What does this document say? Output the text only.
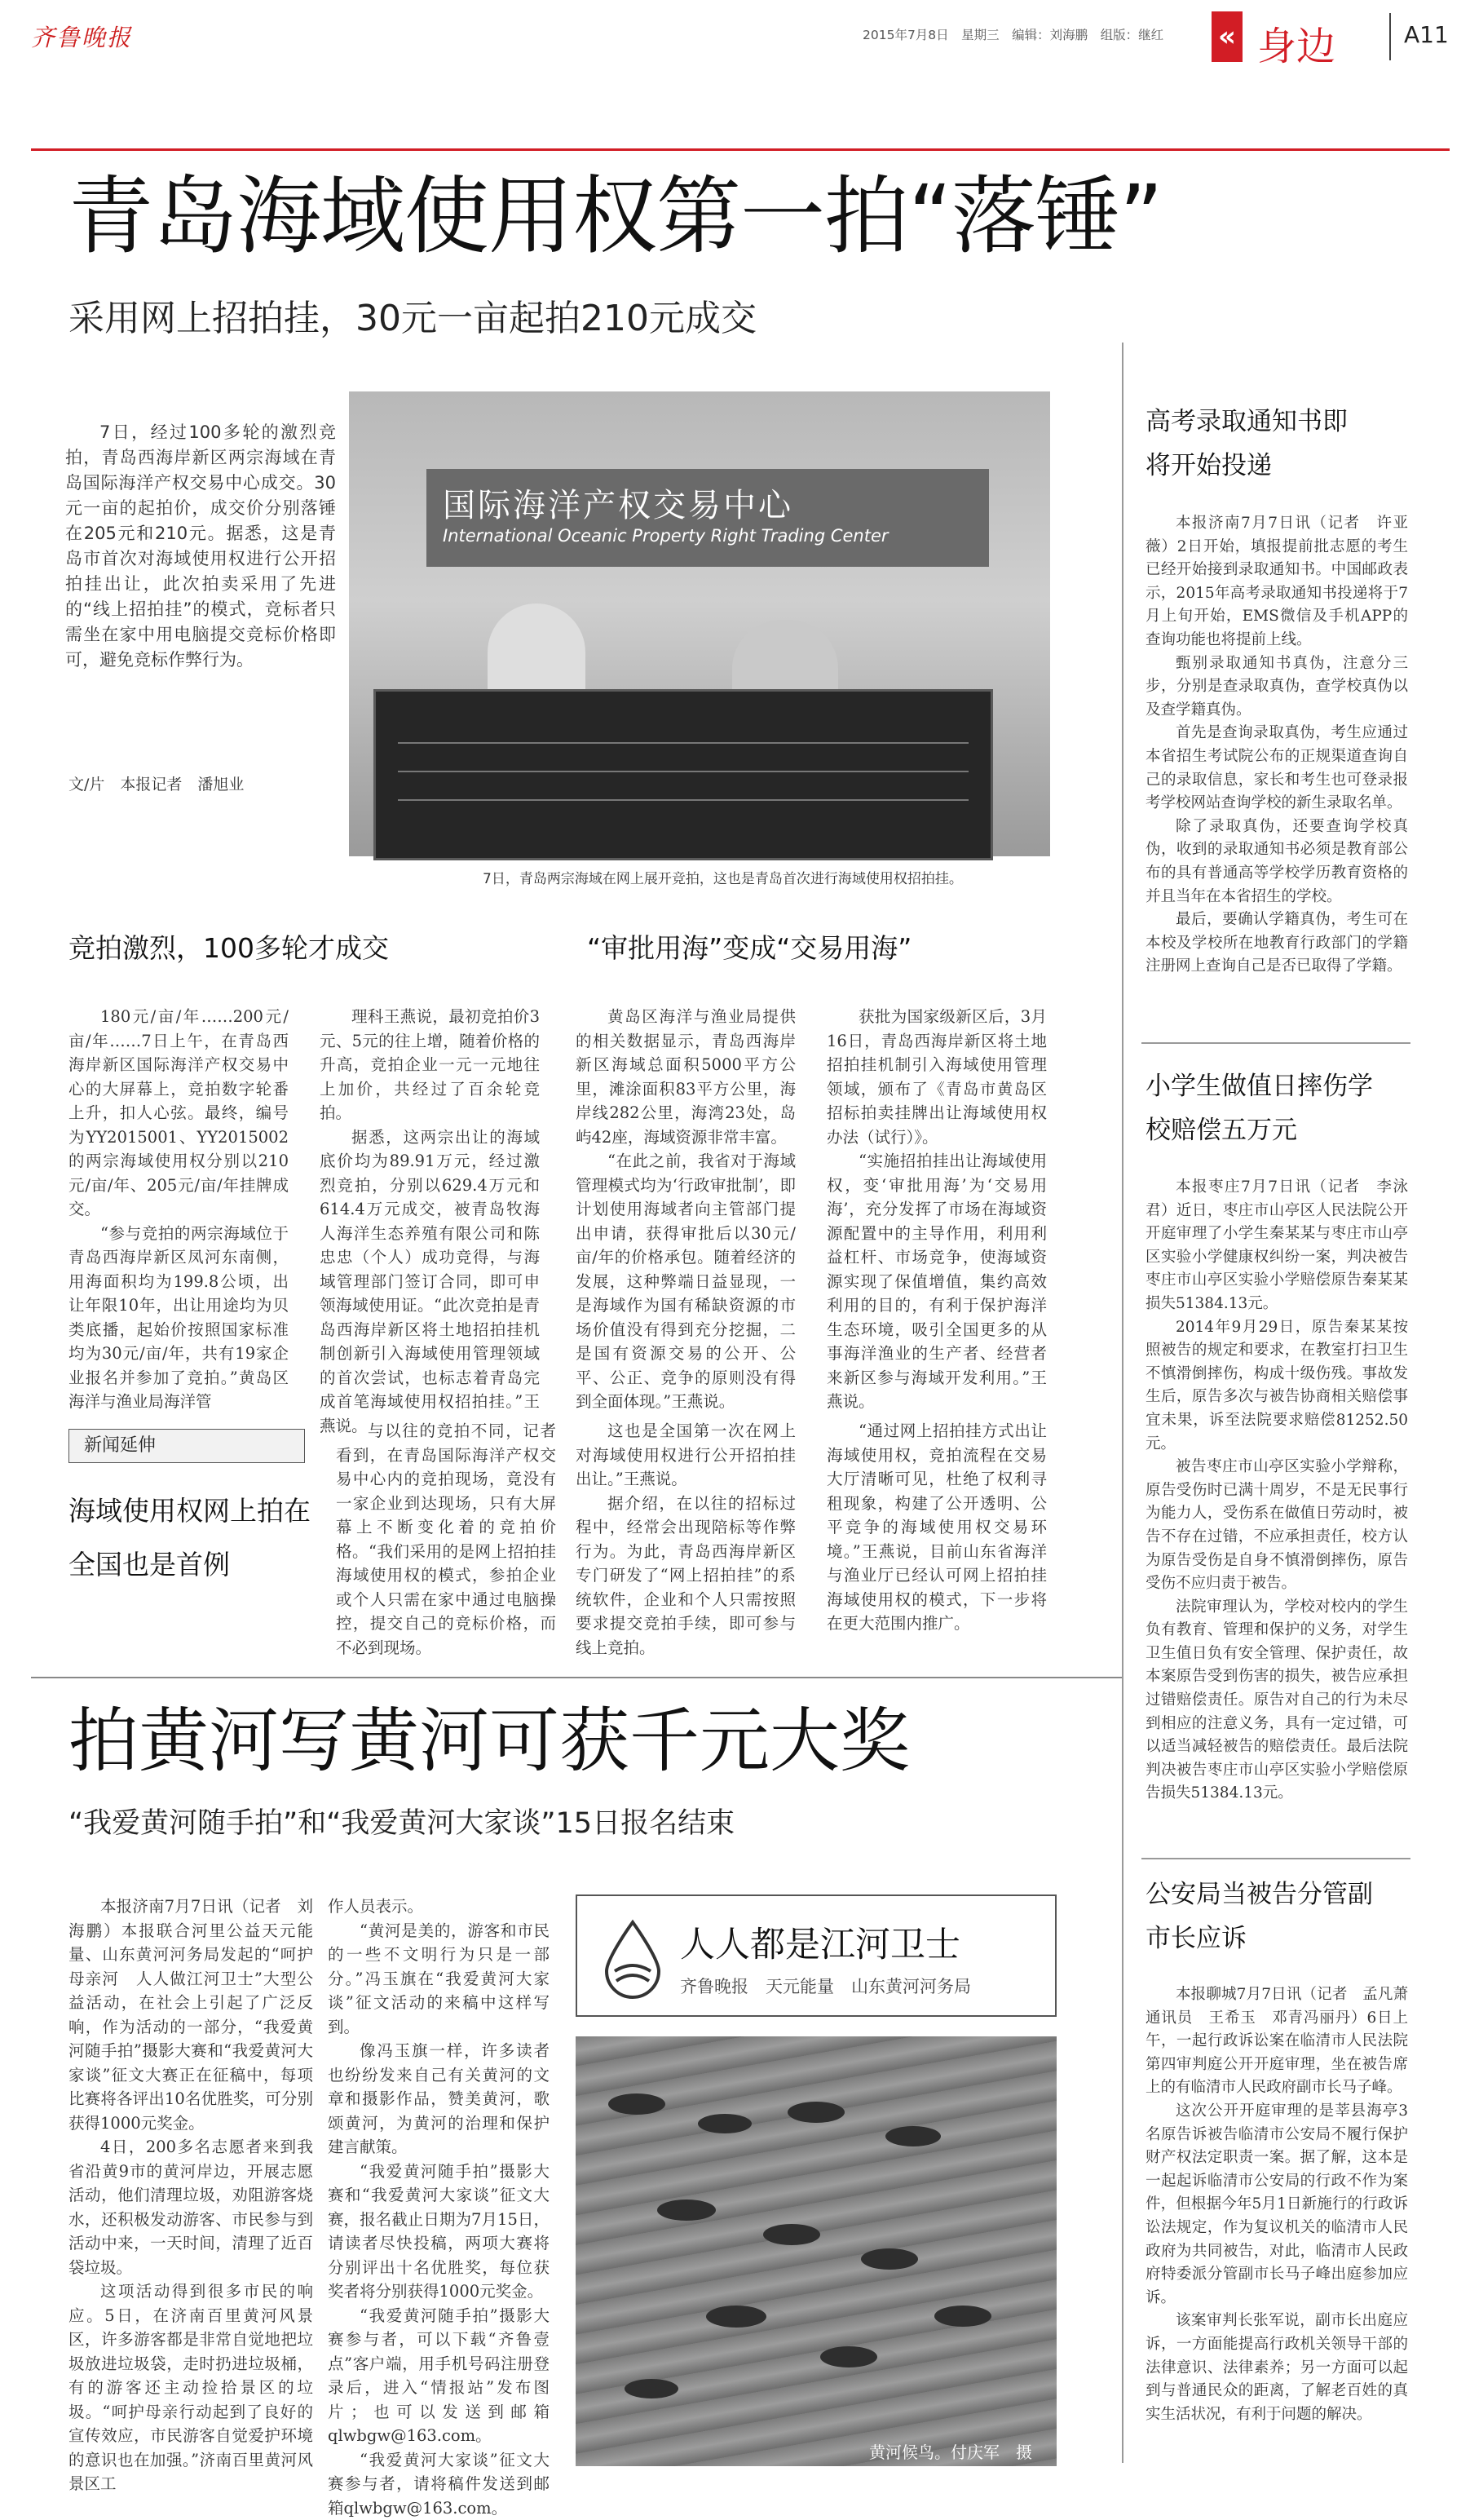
齐鲁晚报	2015年7月8日　星期三　编辑：刘海鹏　组版：继红 « 身边	A11
青岛海域使用权第一拍“落锤”
采用网上招拍挂，30元一亩起拍210元成交

7日，经过100多轮的激烈竞拍，青岛西海岸新区两宗海域在青岛国际海洋产权交易中心成交。30元一亩的起拍价，成交价分别落锤在205元和210元。据悉，这是青岛市首次对海域使用权进行公开招拍挂出让，此次拍卖采用了先进的“线上招拍挂”的模式，竞标者只需坐在家中用电脑提交竞标价格即可，避免竞标作弊行为。

文/片　本报记者　潘旭业
国际海洋产权交易中心
International Oceanic Property Right Trading Center
7日，青岛两宗海域在网上展开竞拍，这也是青岛首次进行海域使用权招拍挂。
竞拍激烈，100多轮才成交

180元/亩/年……200元/亩/年……7日上午，在青岛西海岸新区国际海洋产权交易中心的大屏幕上，竞拍数字轮番上升，扣人心弦。最终，编号为YY2015001、YY2015002的两宗海域使用权分别以210元/亩/年、205元/亩/年挂牌成交。

“参与竞拍的两宗海域位于青岛西海岸新区凤河东南侧，用海面积均为199.8公顷，出让年限10年，出让用途均为贝类底播，起始价按照国家标准均为30元/亩/年，共有19家企业报名并参加了竞拍。”黄岛区海洋与渔业局海洋管

理科王燕说，最初竞拍价3元、5元的往上增，随着价格的升高，竞拍企业一元一元地往上加价，共经过了百余轮竞拍。

据悉，这两宗出让的海域底价均为89.91万元，经过激烈竞拍，分别以629.4万元和614.4万元成交，被青岛牧海人海洋生态养殖有限公司和陈忠忠（个人）成功竞得，与海域管理部门签订合同，即可申领海域使用证。“此次竞拍是青岛西海岸新区将土地招拍挂机制创新引入海域使用管理领域的首次尝试，也标志着青岛完成首笔海域使用权招拍挂。”王燕说。

“审批用海”变成“交易用海”

黄岛区海洋与渔业局提供的相关数据显示，青岛西海岸新区海域总面积5000平方公里，滩涂面积83平方公里，海岸线282公里，海湾23处，岛屿42座，海域资源非常丰富。

“在此之前，我省对于海域管理模式均为‘行政审批制’，即计划使用海域者向主管部门提出申请，获得审批后以30元/亩/年的价格承包。随着经济的发展，这种弊端日益显现，一是海域作为国有稀缺资源的市场价值没有得到充分挖掘，二是国有资源交易的公开、公平、公正、竞争的原则没有得到全面体现。”王燕说。

获批为国家级新区后，3月16日，青岛西海岸新区将土地招拍挂机制引入海域使用管理领域，颁布了《青岛市黄岛区招标拍卖挂牌出让海域使用权办法（试行）》。

“实施招拍挂出让海域使用权，变‘审批用海’为‘交易用海’，充分发挥了市场在海域资源配置中的主导作用，利用利益杠杆、市场竞争，使海域资源实现了保值增值，集约高效利用的目的，有利于保护海洋生态环境，吸引全国更多的从事海洋渔业的生产者、经营者来新区参与海域开发利用。”王燕说。

新闻延伸
海域使用权网上拍在全国也是首例

与以往的竞拍不同，记者看到，在青岛国际海洋产权交易中心内的竞拍现场，竟没有一家企业到达现场，只有大屏幕上不断变化着的竞拍价格。“我们采用的是网上招拍挂海域使用权的模式，参拍企业或个人只需在家中通过电脑操控，提交自己的竞标价格，而不必到现场。

这也是全国第一次在网上对海域使用权进行公开招拍挂出让。”王燕说。

据介绍，在以往的招标过程中，经常会出现陪标等作弊行为。为此，青岛西海岸新区专门研发了“网上招拍挂”的系统软件，企业和个人只需按照要求提交竞拍手续，即可参与线上竞拍。

“通过网上招拍挂方式出让海域使用权，竞拍流程在交易大厅清晰可见，杜绝了权利寻租现象，构建了公开透明、公平竞争的海域使用权交易环境。”王燕说，目前山东省海洋与渔业厅已经认可网上招拍挂海域使用权的模式，下一步将在更大范围内推广。

拍黄河写黄河可获千元大奖
“我爱黄河随手拍”和“我爱黄河大家谈”15日报名结束

本报济南7月7日讯（记者　刘海鹏）本报联合河里公益天元能量、山东黄河河务局发起的“呵护母亲河　人人做江河卫士”大型公益活动，在社会上引起了广泛反响，作为活动的一部分，“我爱黄河随手拍”摄影大赛和“我爱黄河大家谈”征文大赛正在征稿中，每项比赛将各评出10名优胜奖，可分别获得1000元奖金。

4日，200多名志愿者来到我省沿黄9市的黄河岸边，开展志愿活动，他们清理垃圾，劝阻游客烧水，还积极发动游客、市民参与到活动中来，一天时间，清理了近百袋垃圾。

这项活动得到很多市民的响应。5日，在济南百里黄河风景区，许多游客都是非常自觉地把垃圾放进垃圾袋，走时扔进垃圾桶，有的游客还主动捡拾景区的垃圾。“呵护母亲行动起到了良好的宣传效应，市民游客自觉爱护环境的意识也在加强。”济南百里黄河风景区工

作人员表示。

“黄河是美的，游客和市民的一些不文明行为只是一部分。”冯玉旗在“我爱黄河大家谈”征文活动的来稿中这样写到。

像冯玉旗一样，许多读者也纷纷发来自己有关黄河的文章和摄影作品，赞美黄河，歌颂黄河，为黄河的治理和保护建言献策。

“我爱黄河随手拍”摄影大赛和“我爱黄河大家谈”征文大赛，报名截止日期为7月15日，请读者尽快投稿，两项大赛将分别评出十名优胜奖，每位获奖者将分别获得1000元奖金。

“我爱黄河随手拍”摄影大赛参与者，可以下载“齐鲁壹点”客户端，用手机号码注册登录后，进入“情报站”发布图片；也可以发送到邮箱qlwbgw@163.com。

“我爱黄河大家谈”征文大赛参与者，请将稿件发送到邮箱qlwbgw@163.com。

人人都是江河卫士
齐鲁晚报　天元能量　山东黄河河务局
黄河候鸟。付庆军　摄
高考录取通知书即将开始投递

本报济南7月7日讯（记者　许亚薇）2日开始，填报提前批志愿的考生已经开始接到录取通知书。中国邮政表示，2015年高考录取通知书投递将于7月上旬开始，EMS微信及手机APP的查询功能也将提前上线。

甄别录取通知书真伪，注意分三步，分别是查录取真伪，查学校真伪以及查学籍真伪。

首先是查询录取真伪，考生应通过本省招生考试院公布的正规渠道查询自己的录取信息，家长和考生也可登录报考学校网站查询学校的新生录取名单。

除了录取真伪，还要查询学校真伪，收到的录取通知书必须是教育部公布的具有普通高等学校学历教育资格的并且当年在本省招生的学校。

最后，要确认学籍真伪，考生可在本校及学校所在地教育行政部门的学籍注册网上查询自己是否已取得了学籍。

小学生做值日摔伤学校赔偿五万元

本报枣庄7月7日讯（记者　李泳君）近日，枣庄市山亭区人民法院公开开庭审理了小学生秦某某与枣庄市山亭区实验小学健康权纠纷一案，判决被告枣庄市山亭区实验小学赔偿原告秦某某损失51384.13元。

2014年9月29日，原告秦某某按照被告的规定和要求，在教室打扫卫生不慎滑倒摔伤，构成十级伤残。事故发生后，原告多次与被告协商相关赔偿事宜未果，诉至法院要求赔偿81252.50元。

被告枣庄市山亭区实验小学辩称，原告受伤时已满十周岁，不是无民事行为能力人，受伤系在做值日劳动时，被告不存在过错，不应承担责任，校方认为原告受伤是自身不慎滑倒摔伤，原告受伤不应归责于被告。

法院审理认为，学校对校内的学生负有教育、管理和保护的义务，对学生卫生值日负有安全管理、保护责任，故本案原告受到伤害的损失，被告应承担过错赔偿责任。原告对自己的行为未尽到相应的注意义务，具有一定过错，可以适当减轻被告的赔偿责任。最后法院判决被告枣庄市山亭区实验小学赔偿原告损失51384.13元。

公安局当被告分管副市长应诉

本报聊城7月7日讯（记者　孟凡萧　通讯员　王希玉　邓青冯丽丹）6日上午，一起行政诉讼案在临清市人民法院第四审判庭公开开庭审理，坐在被告席上的有临清市人民政府副市长马子峰。

这次公开开庭审理的是莘县海亭3名原告诉被告临清市公安局不履行保护财产权法定职责一案。据了解，这本是一起起诉临清市公安局的行政不作为案件，但根据今年5月1日新施行的行政诉讼法规定，作为复议机关的临清市人民政府为共同被告，对此，临清市人民政府特委派分管副市长马子峰出庭参加应诉。

该案审判长张军说，副市长出庭应诉，一方面能提高行政机关领导干部的法律意识、法律素养；另一方面可以起到与普通民众的距离，了解老百姓的真实生活状况，有利于问题的解决。
